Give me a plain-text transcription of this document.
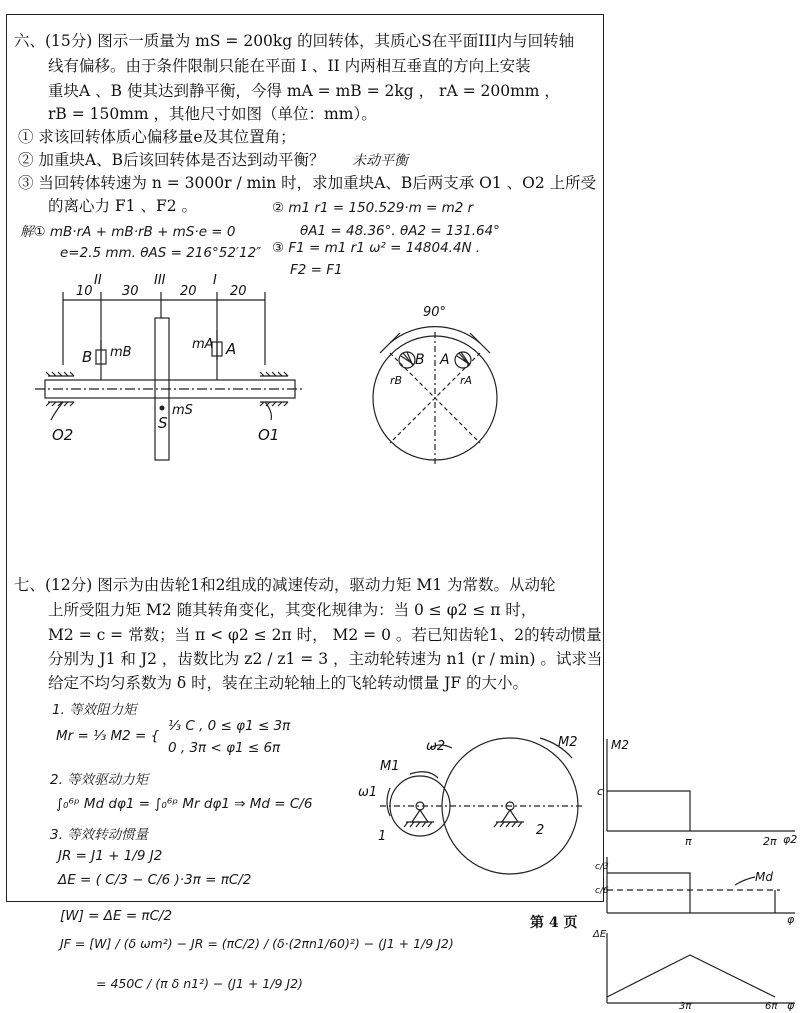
六、(15分) 图示一质量为 mS = 200kg 的回转体，其质心S在平面III内与回转轴
线有偏移。由于条件限制只能在平面 I 、II 内两相互垂直的方向上安装
重块A 、B 使其达到静平衡，今得 mA = mB = 2kg ， rA = 200mm ，
rB = 150mm ，其他尺寸如图（单位：mm）。
① 求该回转体质心偏移量e及其位置角；
② 加重块A、B后该回转体是否达到动平衡？ 未动平衡
③ 当回转体转速为 n = 3000r / min 时，求加重块A、B后两支承 O1 、O2 上所受
的离心力 F1 、F2 。
解① mB·rA + mB·rB + mS·e = 0
e=2.5 mm. θAS = 216°52′12″
② m1 r1 = 150.529·m = m2 r
θA1 = 48.36°. θA2 = 131.64°
③ F1 = m1 r1 ω² = 14804.4N .
F2 = F1
10 30	20	20
II	III	I
B mB
mA A
S
mS
O2	O1
90°
B A
rB	rA
七、(12分) 图示为由齿轮1和2组成的减速传动，驱动力矩 M1 为常数。从动轮
上所受阻力矩 M2 随其转角变化，其变化规律为：当 0 ≤ φ2 ≤ π 时，
M2 = c = 常数；当 π < φ2 ≤ 2π 时， M2 = 0 。若已知齿轮1、2的转动惯量
分别为 J1 和 J2 ，齿数比为 z2 / z1 = 3 ，主动轮转速为 n1 (r / min) 。试求当
给定不均匀系数为 δ 时，装在主动轮轴上的飞轮转动惯量 JF 的大小。
1. 等效阻力矩
Mr = ⅓ M2 = {
⅓ C , 0 ≤ φ1 ≤ 3π
0 , 3π < φ1 ≤ 6π
2. 等效驱动力矩
∫₀⁶ᵖ Md dφ1 = ∫₀⁶ᵖ Mr dφ1 ⇒ Md = C/6
3. 等效转动惯量
JR = J1 + 1/9 J2
ΔE = ( C/3 − C/6 )·3π = πC/2
[W] = ΔE = πC/2
JF = [W] / (δ ωm²) − JR = (πC/2) / (δ·(2πn1/60)²) − (J1 + 1/9 J2)
= 450C / (π δ n1²) − (J1 + 1/9 J2)
M1
M2
ω1
ω2
1	2
M2
c
π	2π φ2
c/3
c/6
Md
φ
ΔE
3π	6π φ
第 4 页
